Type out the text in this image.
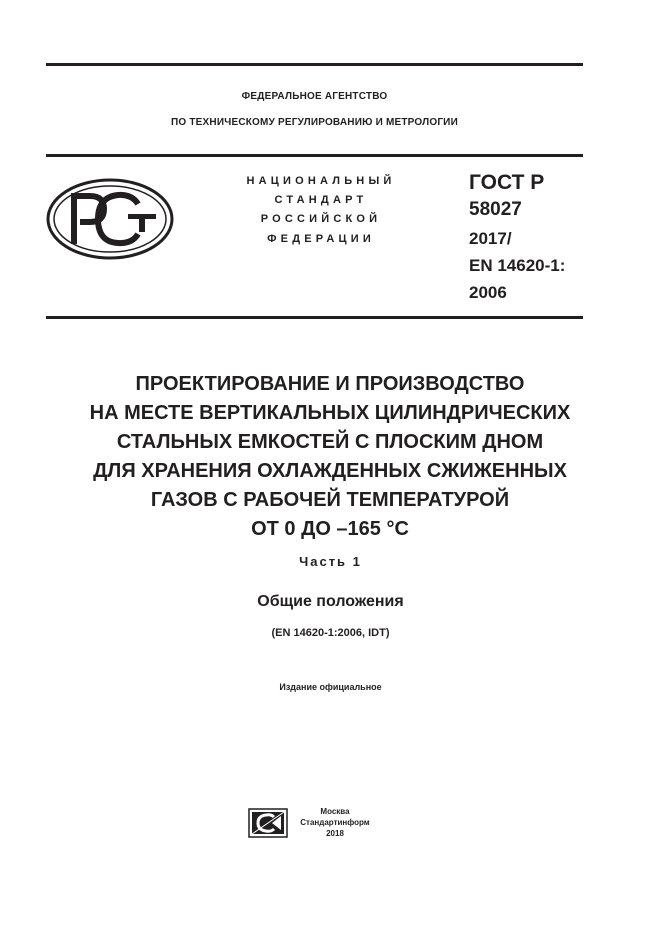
ФЕДЕРАЛЬНОЕ АГЕНТСТВО
ПО ТЕХНИЧЕСКОМУ РЕГУЛИРОВАНИЮ И МЕТРОЛОГИИ
НАЦИОНАЛЬНЫЙ
СТАНДАРТ
РОССИЙСКОЙ
ФЕДЕРАЦИИ
ГОСТ Р
58027
2017/
EN 14620-1:
2006
ПРОЕКТИРОВАНИЕ И ПРОИЗВОДСТВО
НА МЕСТЕ ВЕРТИКАЛЬНЫХ ЦИЛИНДРИЧЕСКИХ
СТАЛЬНЫХ ЕМКОСТЕЙ С ПЛОСКИМ ДНОМ
ДЛЯ ХРАНЕНИЯ ОХЛАЖДЕННЫХ СЖИЖЕННЫХ
ГАЗОВ С РАБОЧЕЙ ТЕМПЕРАТУРОЙ
ОТ 0 ДО –165 °С
Часть 1
Общие положения
(EN 14620-1:2006, IDT)
Издание официальное
Москва
Стандартинформ
2018
